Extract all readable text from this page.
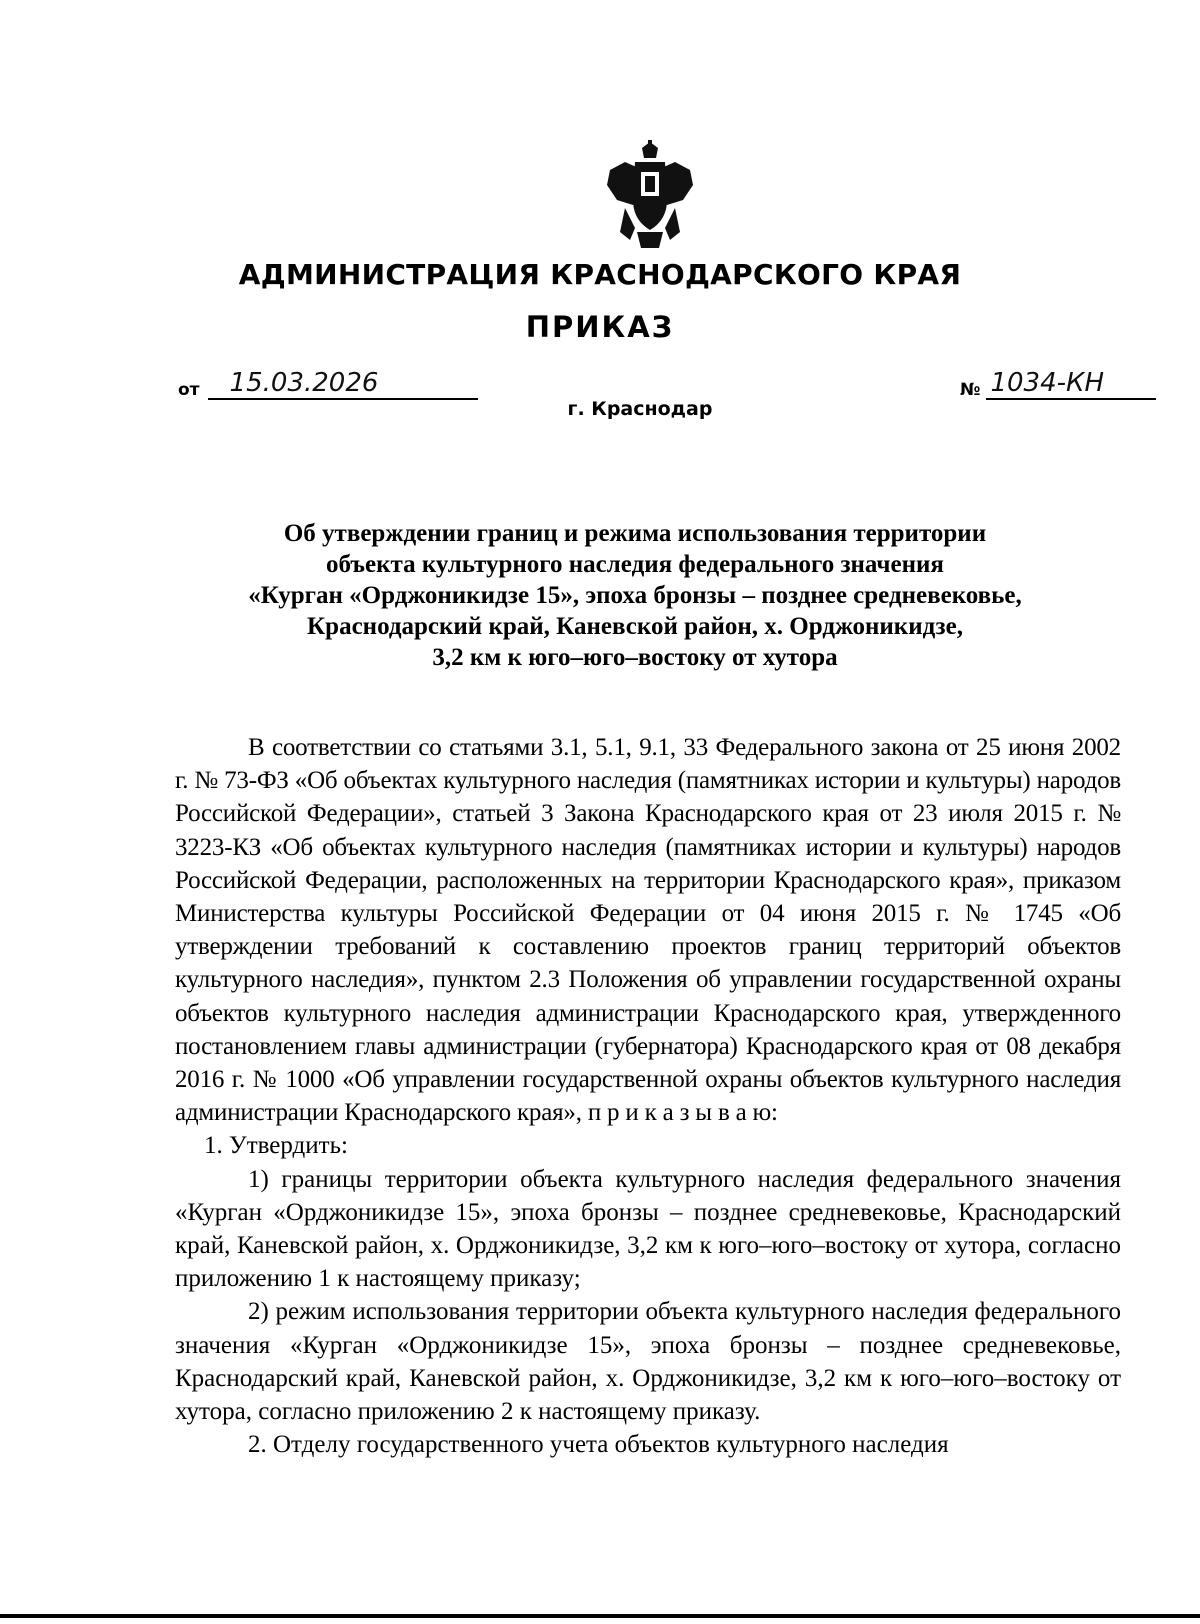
АДМИНИСТРАЦИЯ КРАСНОДАРСКОГО КРАЯ
ПРИКАЗ
от	15.03.2026	№ 1034-КН
г. Краснодар
Об утверждении границ и режима использования территории
объекта культурного наследия федерального значения
«Курган «Орджоникидзе 15», эпоха бронзы – позднее средневековье,
Краснодарский край, Каневской район, х. Орджоникидзе,
3,2 км к юго–юго–востоку от хутора

В соответствии со статьями 3.1, 5.1, 9.1, 33 Федерального закона от 25 июня 2002 г. № 73-ФЗ «Об объектах культурного наследия (памятниках истории и культуры) народов Российской Федерации», статьей 3 Закона Краснодарского края от 23 июля 2015 г. № 3223-КЗ «Об объектах культурного наследия (памятниках истории и культуры) народов Российской Федерации, расположенных на территории Краснодарского края», приказом Министерства культуры Российской Федерации от 04 июня 2015 г. № 1745 «Об утверждении требований к составлению проектов границ территорий объектов культурного наследия», пунктом 2.3 Положения об управлении государственной охраны объектов культурного наследия администрации Краснодарского края, утвержденного постановлением главы администрации (губернатора) Краснодарского края от 08 декабря 2016 г. № 1000 «Об управлении государственной охраны объектов культурного наследия администрации Краснодарского края», п р и к а з ы в а ю:

1. Утвердить:

1) границы территории объекта культурного наследия федерального значения «Курган «Орджоникидзе 15», эпоха бронзы – позднее средневековье, Краснодарский край, Каневской район, х. Орджоникидзе, 3,2 км к юго–юго–востоку от хутора, согласно приложению 1 к настоящему приказу;

2) режим использования территории объекта культурного наследия федерального значения «Курган «Орджоникидзе 15», эпоха бронзы – позднее средневековье, Краснодарский край, Каневской район, х. Орджоникидзе, 3,2 км к юго–юго–востоку от хутора, согласно приложению 2 к настоящему приказу.

2. Отделу государственного учета объектов культурного наследия
